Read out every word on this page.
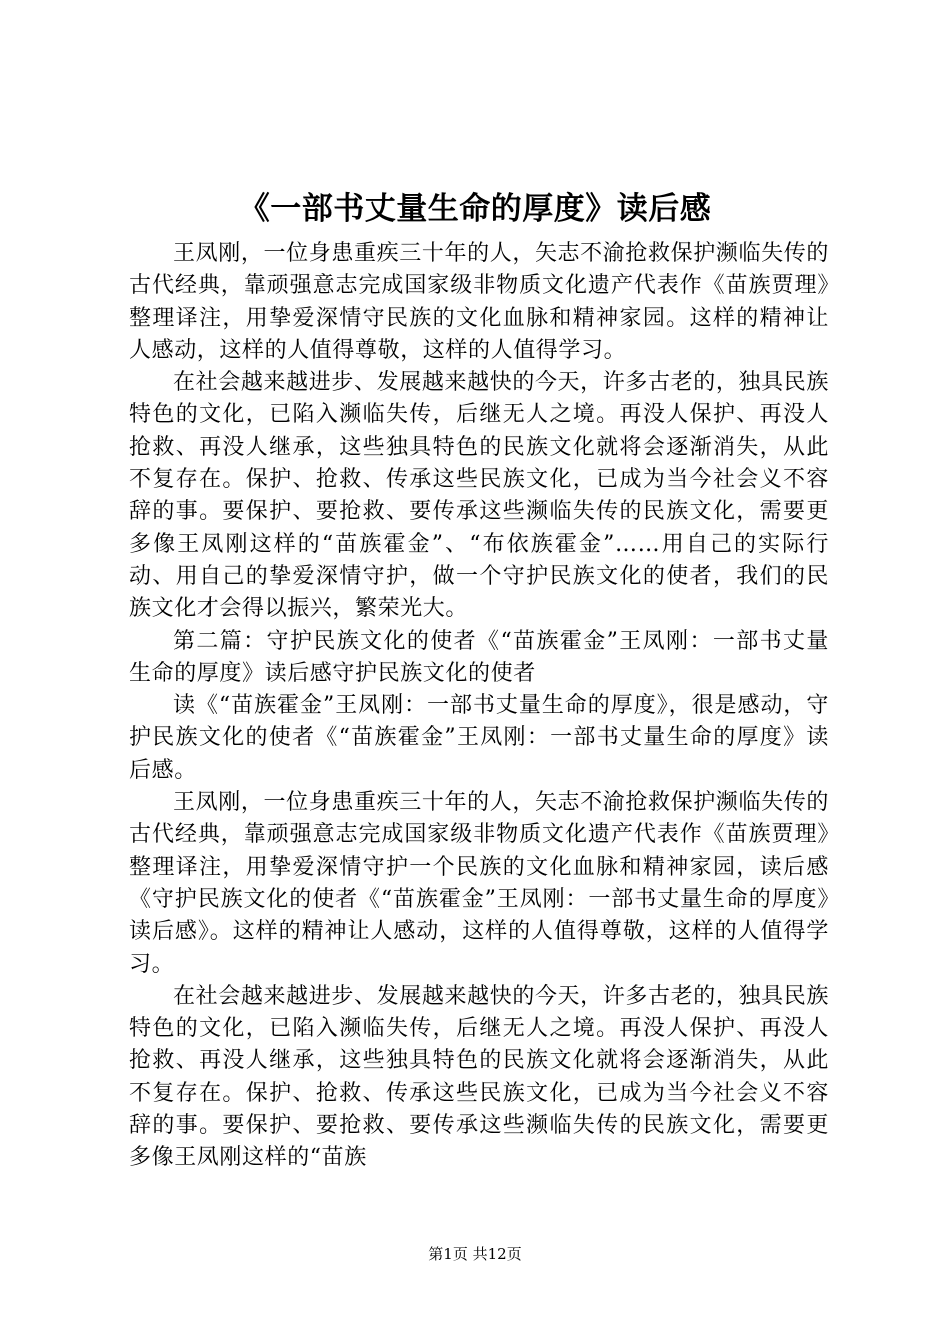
《一部书丈量生命的厚度》读后感

王凤刚，一位身患重疾三十年的人，矢志不渝抢救保护濒临失传的古代经典，靠顽强意志完成国家级非物质文化遗产代表作《苗族贾理》整理译注，用挚爱深情守民族的文化血脉和精神家园。这样的精神让人感动，这样的人值得尊敬，这样的人值得学习。

在社会越来越进步、发展越来越快的今天，许多古老的，独具民族特色的文化，已陷入濒临失传，后继无人之境。再没人保护、再没人抢救、再没人继承，这些独具特色的民族文化就将会逐渐消失，从此不复存在。保护、抢救、传承这些民族文化，已成为当今社会义不容辞的事。要保护、要抢救、要传承这些濒临失传的民族文化，需要更多像王凤刚这样的“苗族霍金”、“布依族霍金”……用自己的实际行动、用自己的挚爱深情守护，做一个守护民族文化的使者，我们的民族文化才会得以振兴，繁荣光大。

第二篇：守护民族文化的使者《“苗族霍金”王凤刚：一部书丈量生命的厚度》读后感守护民族文化的使者

读《“苗族霍金”王凤刚：一部书丈量生命的厚度》，很是感动，守护民族文化的使者《“苗族霍金”王凤刚：一部书丈量生命的厚度》读后感。

王凤刚，一位身患重疾三十年的人，矢志不渝抢救保护濒临失传的古代经典，靠顽强意志完成国家级非物质文化遗产代表作《苗族贾理》整理译注，用挚爱深情守护一个民族的文化血脉和精神家园，读后感《守护民族文化的使者《“苗族霍金”王凤刚：一部书丈量生命的厚度》读后感》。这样的精神让人感动，这样的人值得尊敬，这样的人值得学习。

在社会越来越进步、发展越来越快的今天，许多古老的，独具民族特色的文化，已陷入濒临失传，后继无人之境。再没人保护、再没人抢救、再没人继承，这些独具特色的民族文化就将会逐渐消失，从此不复存在。保护、抢救、传承这些民族文化，已成为当今社会义不容辞的事。要保护、要抢救、要传承这些濒临失传的民族文化，需要更多像王凤刚这样的“苗族

第1页 共12页
